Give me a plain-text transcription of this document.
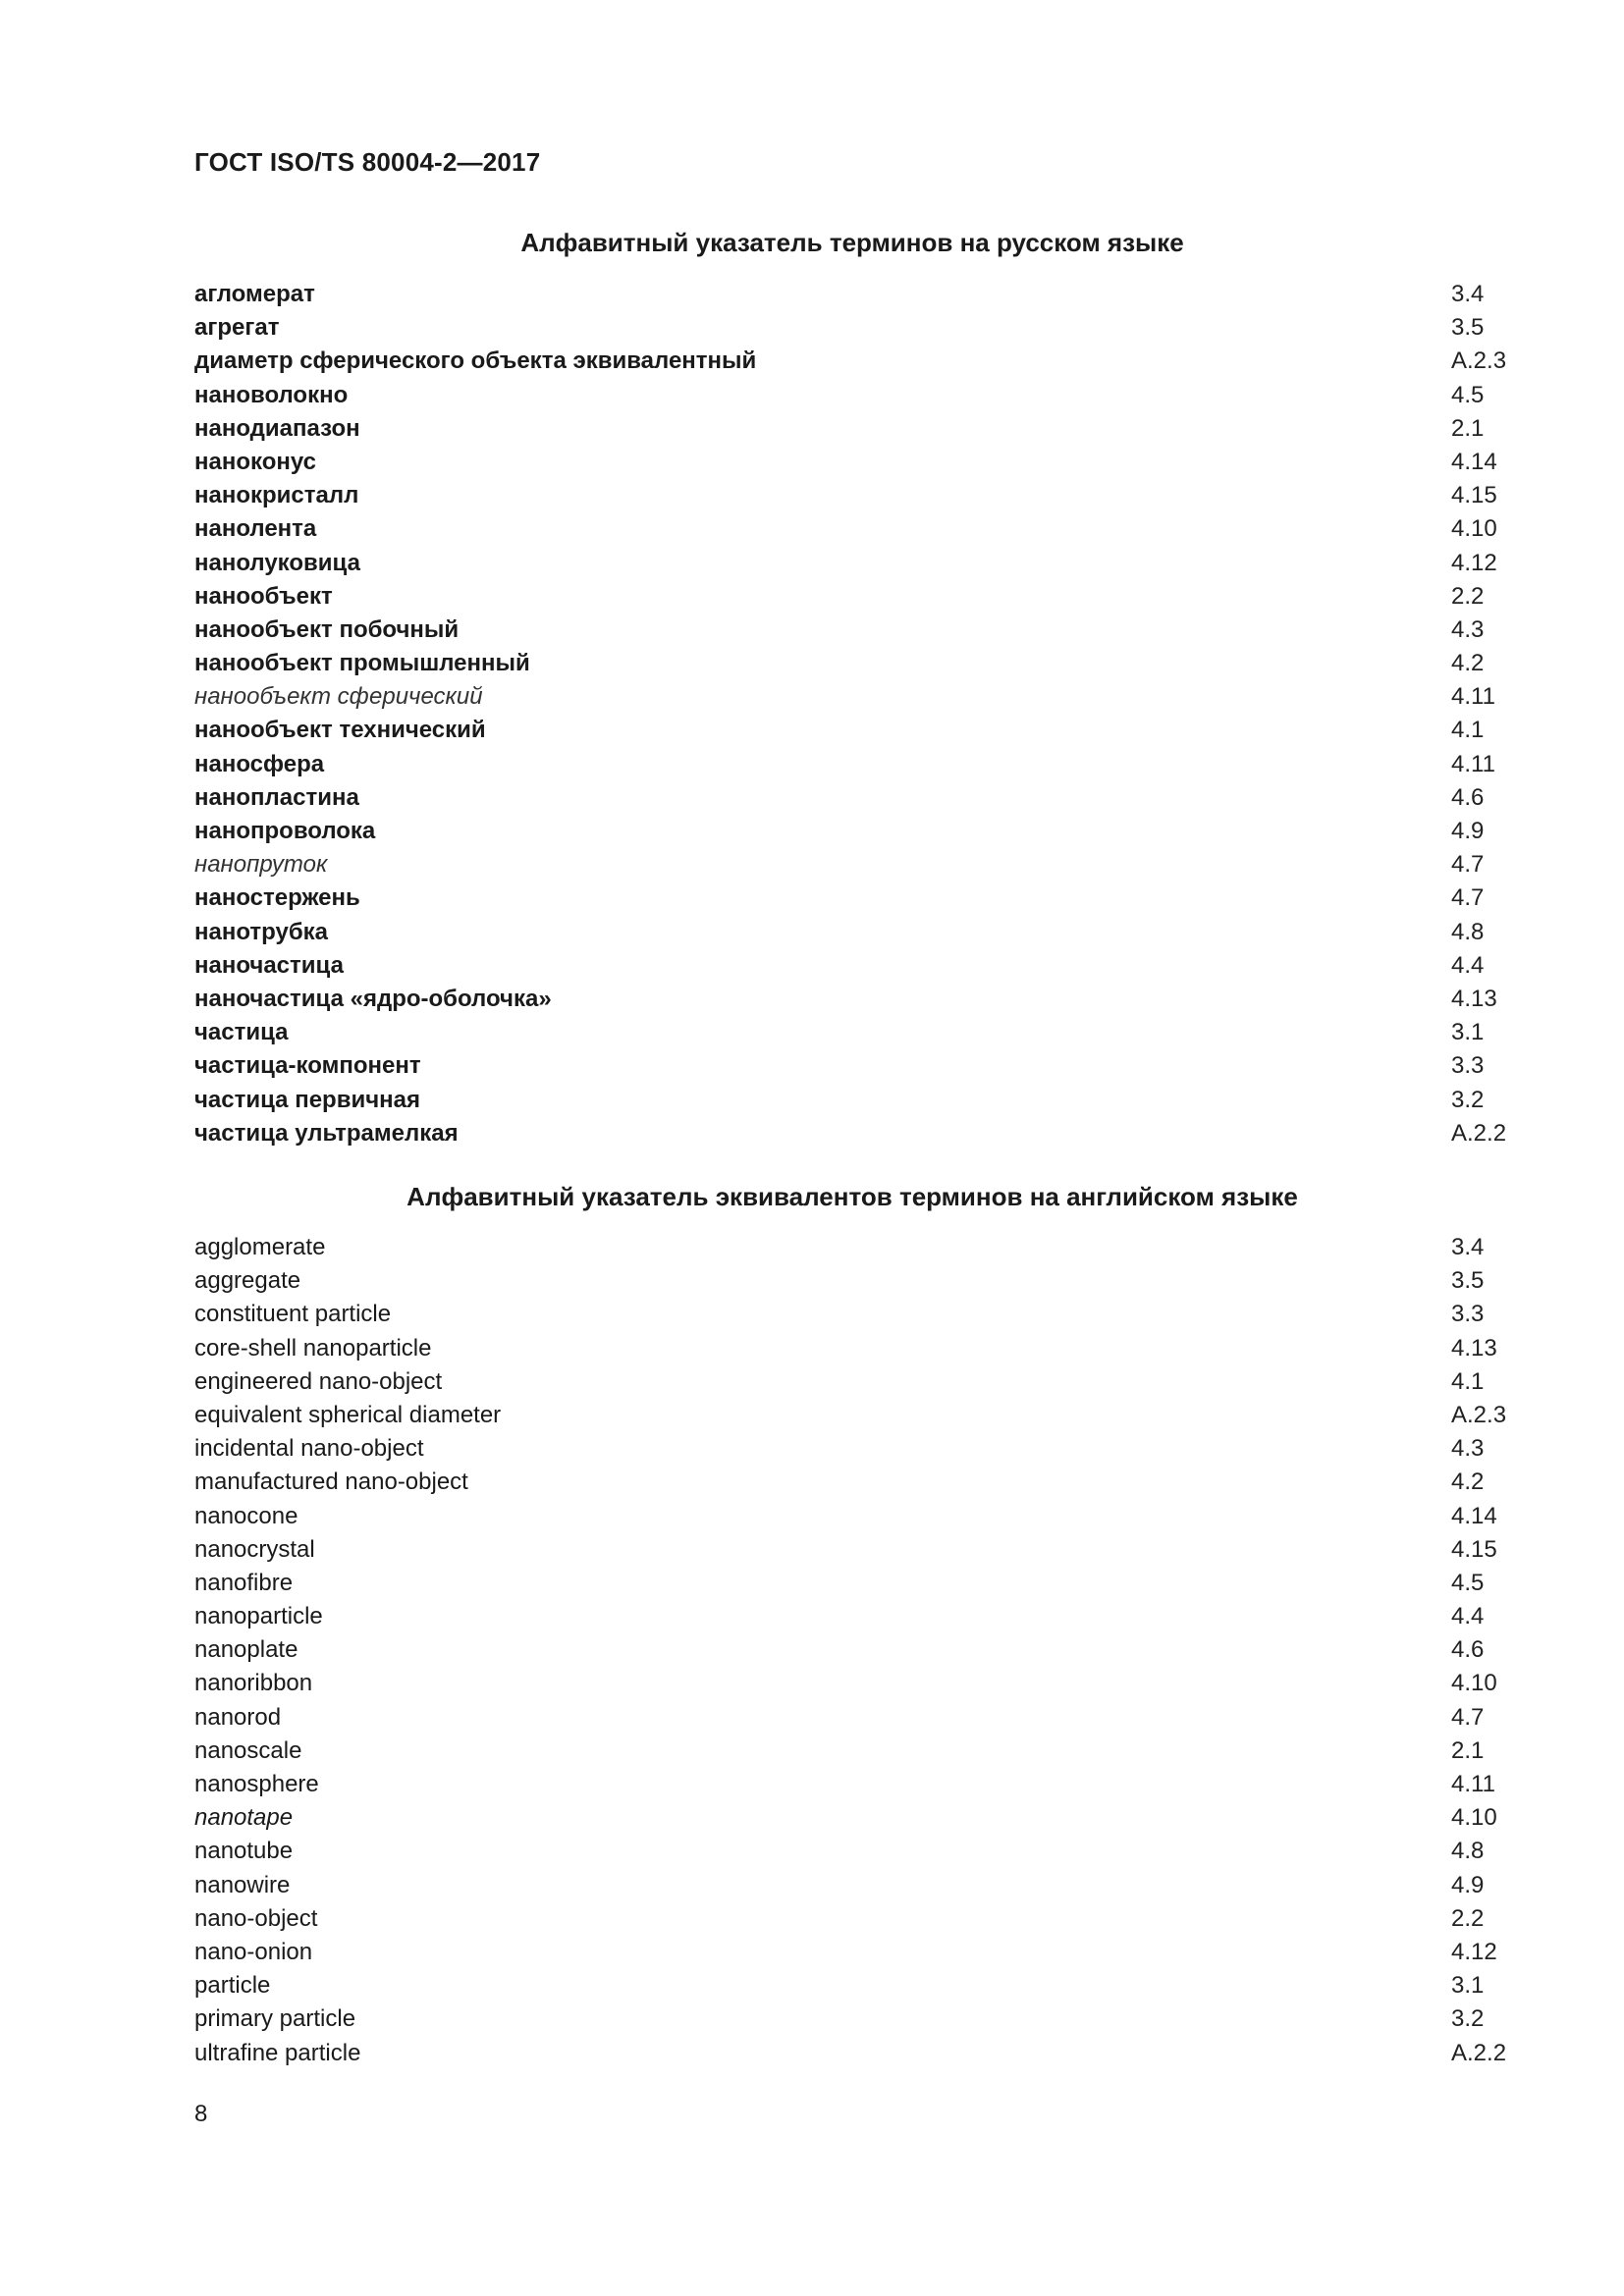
ГОСТ ISO/TS 80004-2—2017

Алфавитный указатель терминов на русском языке
агломерат	3.4
агрегат	3.5
диаметр сферического объекта эквивалентный	A.2.3
нановолокно	4.5
нанодиапазон	2.1
наноконус	4.14
нанокристалл	4.15
нанолента	4.10
нанолуковица	4.12
нанообъект	2.2
нанообъект побочный	4.3
нанообъект промышленный	4.2
нанообъект сферический	4.11
нанообъект технический	4.1
наносфера	4.11
нанопластина	4.6
нанопроволока	4.9
нанопруток	4.7
наностержень	4.7
нанотрубка	4.8
наночастица	4.4
наночастица «ядро-оболочка»	4.13
частица	3.1
частица-компонент	3.3
частица первичная	3.2
частица ультрамелкая	A.2.2
Алфавитный указатель эквивалентов терминов на английском языке
agglomerate	3.4
aggregate	3.5
constituent particle	3.3
core-shell nanoparticle	4.13
engineered nano-object	4.1
equivalent spherical diameter	A.2.3
incidental nano-object	4.3
manufactured nano-object	4.2
nanocone	4.14
nanocrystal	4.15
nanofibre	4.5
nanoparticle	4.4
nanoplate	4.6
nanoribbon	4.10
nanorod	4.7
nanoscale	2.1
nanosphere	4.11
nanotape	4.10
nanotube	4.8
nanowire	4.9
nano-object	2.2
nano-onion	4.12
particle	3.1
primary particle	3.2
ultrafine particle	A.2.2

8
